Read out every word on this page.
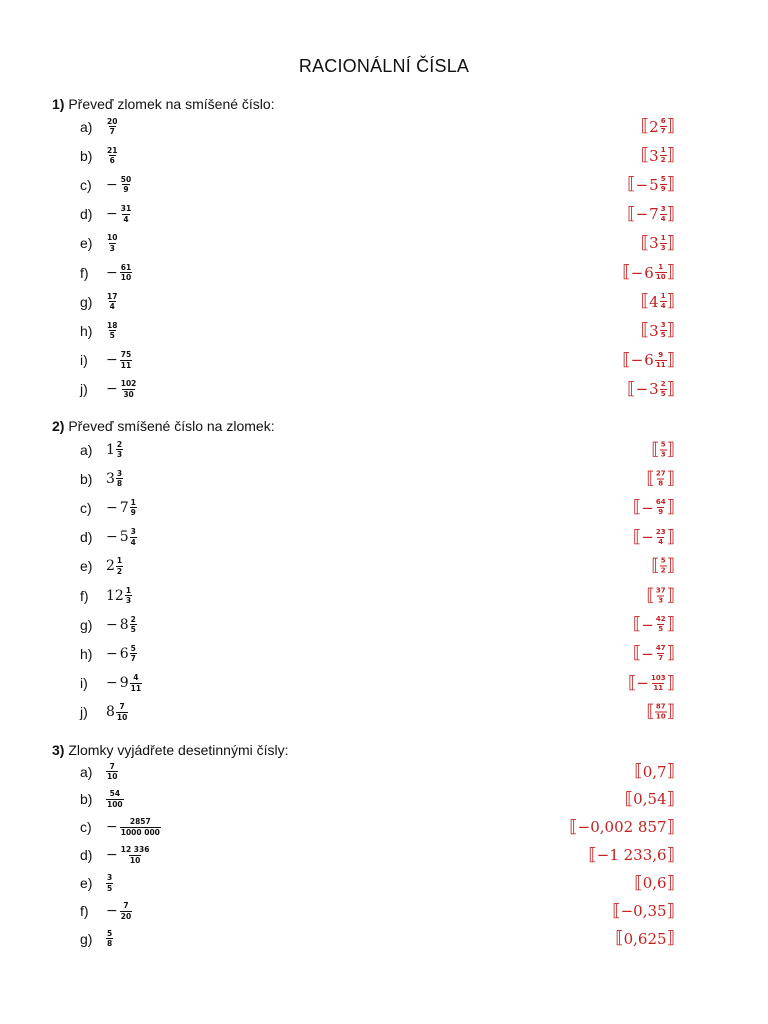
RACIONÁLNÍ ČÍSLA
1) Převeď zlomek na smíšené číslo:
$a) \frac{20}{7}$	⟦ $2 \frac{6}{7}$ ⟧
$b) \frac{21}{6}$	⟦ $3 \frac{1}{2}$ ⟧
$c) - \frac{50}{9}$	⟦ − $5 \frac{5}{9}$ ⟧
$d) - \frac{31}{4}$	⟦ − $7 \frac{3}{4}$ ⟧
$e) \frac{10}{3}$	⟦ $3 \frac{1}{3}$ ⟧
$f) - \frac{61}{10}$	⟦ − $6 \frac{1}{10}$ ⟧
$g) \frac{17}{4}$	⟦ $4 \frac{1}{4}$ ⟧
$h) \frac{18}{5}$	⟦ $3 \frac{3}{5}$ ⟧
$i) - \frac{75}{11}$	⟦ − $6 \frac{9}{11}$ ⟧
$j) - \frac{102}{30}$	⟦ − $3 \frac{2}{5}$ ⟧
2) Převeď smíšené číslo na zlomek:
a) $1 \frac{2}{3}$	⟦ $\frac{5}{3}$ ⟧
b) $3 \frac{3}{8}$	⟦ $\frac{27}{8}$ ⟧
$c) - 7 \frac{1}{9}$	⟦ − $\frac{64}{9}$ ⟧
$d) - 5 \frac{3}{4}$	⟦ − $\frac{23}{4}$ ⟧
e) $2 \frac{1}{2}$	⟦ $\frac{5}{2}$ ⟧
f) $12 \frac{1}{3}$	⟦ $\frac{37}{3}$ ⟧
$g) - 8 \frac{2}{5}$	⟦ − $\frac{42}{5}$ ⟧
$h) - 6 \frac{5}{7}$	⟦ − $\frac{47}{7}$ ⟧
$i) - 9 \frac{4}{11}$	⟦ − $\frac{103}{11}$ ⟧
j) $8 \frac{7}{10}$	⟦ $\frac{87}{10}$ ⟧
3) Zlomky vyjádřete desetinnými čísly:
$a) \frac{7}{10}$	⟦ 0,7 ⟧
$b) \frac{54}{100}$	⟦ 0,54 ⟧
$c) - \frac{2857}{1000 000}$	⟦ −0,002 857 ⟧
$d) - \frac{12 336}{10}$	⟦ −1 233,6 ⟧
$e) \frac{3}{5}$	⟦ 0,6 ⟧
$f) - \frac{7}{20}$	⟦ −0,35 ⟧
$g) \frac{5}{8}$	⟦ 0,625 ⟧
